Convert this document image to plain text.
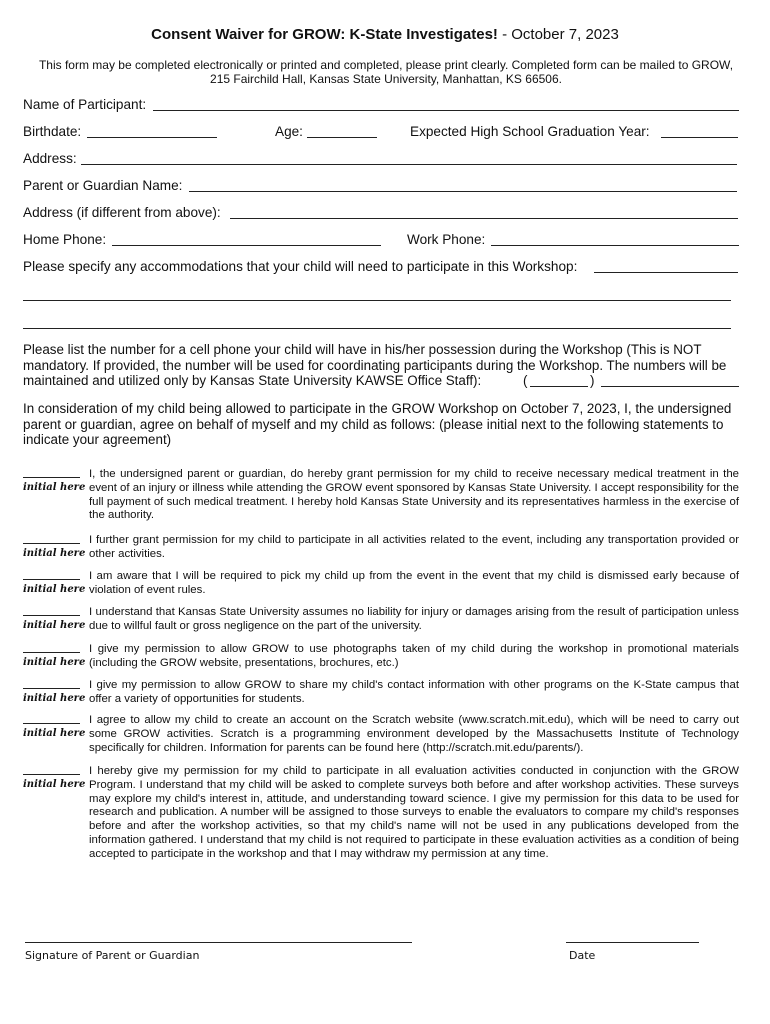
Consent Waiver for GROW: K-State Investigates! - October 7, 2023
This form may be completed electronically or printed and completed, please print clearly. Completed form can be mailed to GROW, 215 Fairchild Hall, Kansas State University, Manhattan, KS 66506.
Name of Participant:
Birthdate:	Age:	Expected High School Graduation Year:
Address:
Parent or Guardian Name:
Address (if different from above):
Home Phone:	Work Phone:
Please specify any accommodations that your child will need to participate in this Workshop:
Please list the number for a cell phone your child will have in his/her possession during the Workshop (This is NOT mandatory. If provided, the number will be used for coordinating participants during the Workshop. The numbers will be maintained and utilized only by Kansas State University KAWSE Office Staff):	(	)
In consideration of my child being allowed to participate in the GROW Workshop on October 7, 2023, I, the undersigned parent or guardian, agree on behalf of myself and my child as follows: (please initial next to the following statements to indicate your agreement)
initial here
I, the undersigned parent or guardian, do hereby grant permission for my child to receive necessary medical treatment in the event of an injury or illness while attending the GROW event sponsored by Kansas State University. I accept responsibility for the full payment of such medical treatment. I hereby hold Kansas State University and its representatives harmless in the exercise of the authority.
initial here
I further grant permission for my child to participate in all activities related to the event, including any transportation provided or other activities.
initial here
I am aware that I will be required to pick my child up from the event in the event that my child is dismissed early because of violation of event rules.
initial here
I understand that Kansas State University assumes no liability for injury or damages arising from the result of participation unless due to willful fault or gross negligence on the part of the university.
initial here
I give my permission to allow GROW to use photographs taken of my child during the workshop in promotional materials (including the GROW website, presentations, brochures, etc.)
initial here
I give my permission to allow GROW to share my child's contact information with other programs on the K-State campus that offer a variety of opportunities for students.
initial here
I agree to allow my child to create an account on the Scratch website (www.scratch.mit.edu), which will be need to carry out some GROW activities. Scratch is a programming environment developed by the Massachusetts Institute of Technology specifically for children. Information for parents can be found here (http://scratch.mit.edu/parents/).
initial here
I hereby give my permission for my child to participate in all evaluation activities conducted in conjunction with the GROW Program. I understand that my child will be asked to complete surveys both before and after workshop activities. These surveys may explore my child's interest in, attitude, and understanding toward science. I give my permission for this data to be used for research and publication. A number will be assigned to those surveys to enable the evaluators to compare my child's responses before and after the workshop activities, so that my child's name will not be used in any publications developed from the information gathered. I understand that my child is not required to participate in these evaluation activities as a condition of being accepted to participate in the workshop and that I may withdraw my permission at any time.
Signature of Parent or Guardian	Date
